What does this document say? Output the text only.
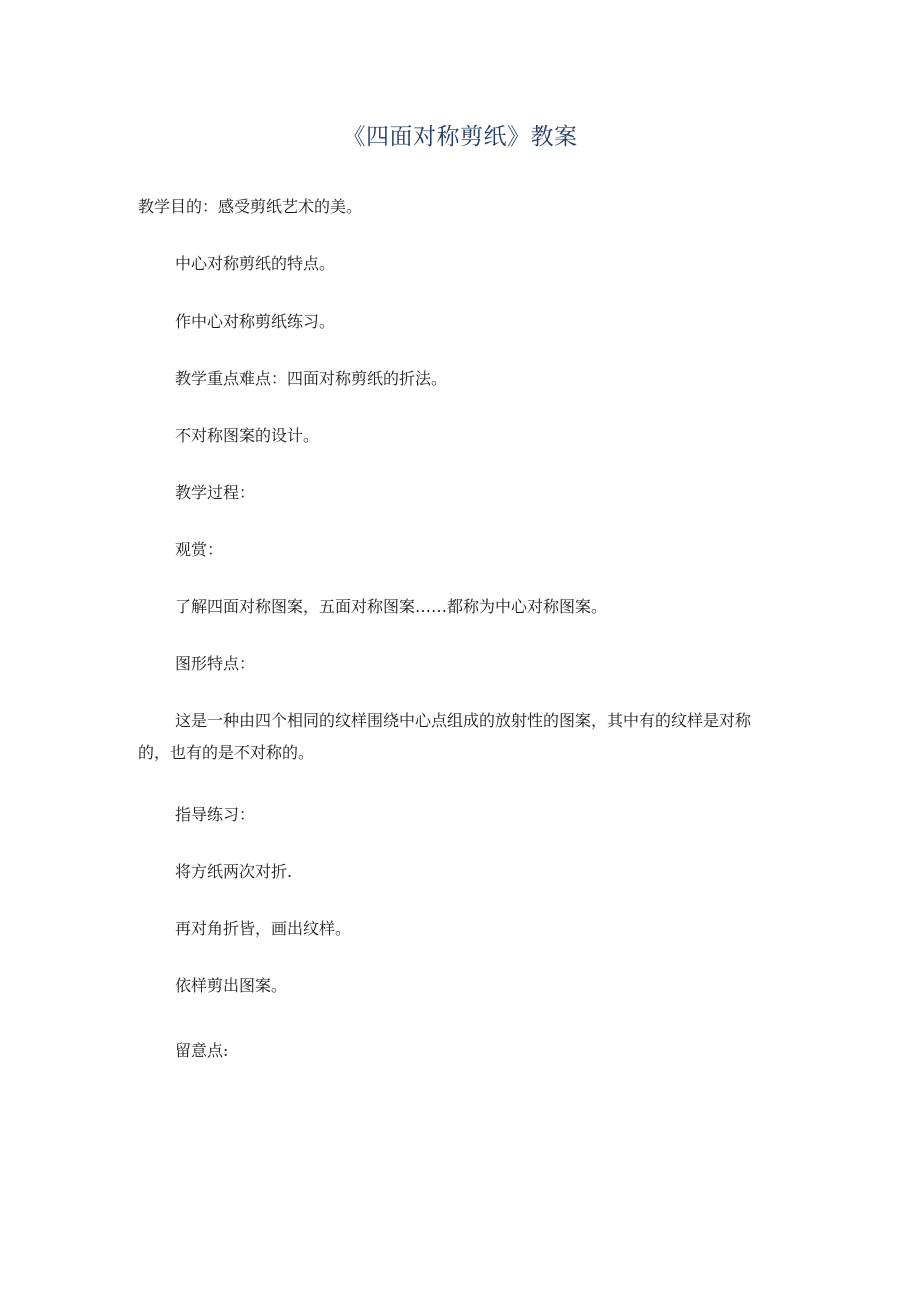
《四面对称剪纸》教案
教学目的：感受剪纸艺术的美。
中心对称剪纸的特点。
作中心对称剪纸练习。
教学重点难点：四面对称剪纸的折法。
不对称图案的设计。
教学过程：
观赏：
了解四面对称图案，五面对称图案……都称为中心对称图案。
图形特点：
这是一种由四个相同的纹样围绕中心点组成的放射性的图案，其中有的纹样是对称的，也有的是不对称的。
指导练习：
将方纸两次对折.
再对角折皆，画出纹样。
依样剪出图案。
留意点:
